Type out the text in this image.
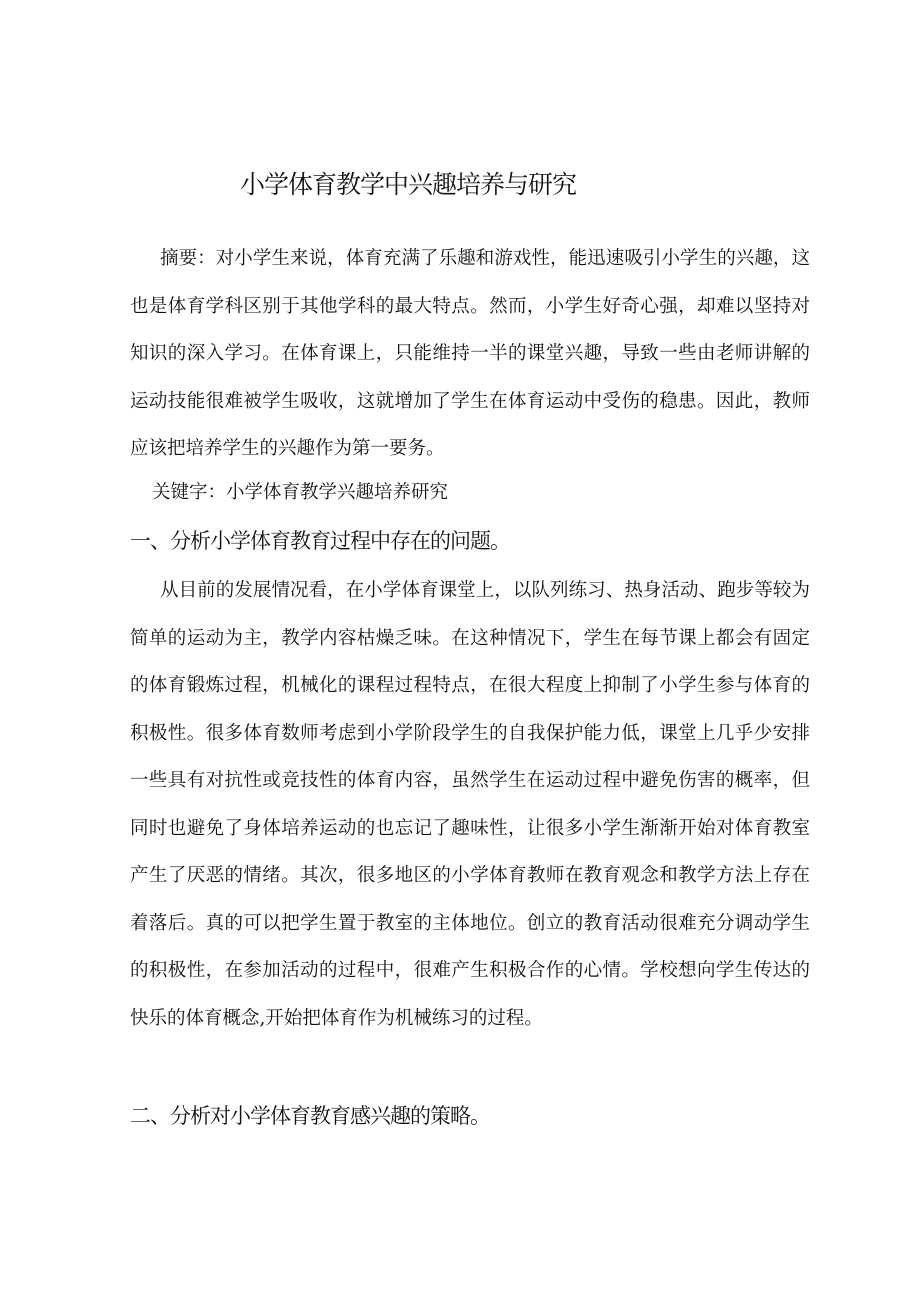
小学体育教学中兴趣培养与研究

摘要：对小学生来说，体育充满了乐趣和游戏性，能迅速吸引小学生的兴趣，这也是体育学科区别于其他学科的最大特点。然而，小学生好奇心强，却难以坚持对知识的深入学习。在体育课上，只能维持一半的课堂兴趣，导致一些由老师讲解的运动技能很难被学生吸收，这就增加了学生在体育运动中受伤的稳患。因此，教师应该把培养学生的兴趣作为第一要务。

关键字：小学体育教学兴趣培养研究
一、分析小学体育教育过程中存在的问题。

从目前的发展情况看，在小学体育课堂上，以队列练习、热身活动、跑步等较为简单的运动为主，教学内容枯燥乏味。在这种情况下，学生在每节课上都会有固定的体育锻炼过程，机械化的课程过程特点，在很大程度上抑制了小学生参与体育的积极性。很多体育数师考虑到小学阶段学生的自我保护能力低，课堂上几乎少安排一些具有对抗性或竞技性的体育内容，虽然学生在运动过程中避免伤害的概率，但同时也避免了身体培养运动的也忘记了趣味性，让很多小学生渐渐开始对体育教室产生了厌恶的情绪。其次，很多地区的小学体育教师在教育观念和教学方法上存在着落后。真的可以把学生置于教室的主体地位。创立的教育活动很难充分调动学生的积极性，在参加活动的过程中，很难产生积极合作的心情。学校想向学生传达的快乐的体育概念,开始把体育作为机械练习的过程。

二、分析对小学体育教育感兴趣的策略。
